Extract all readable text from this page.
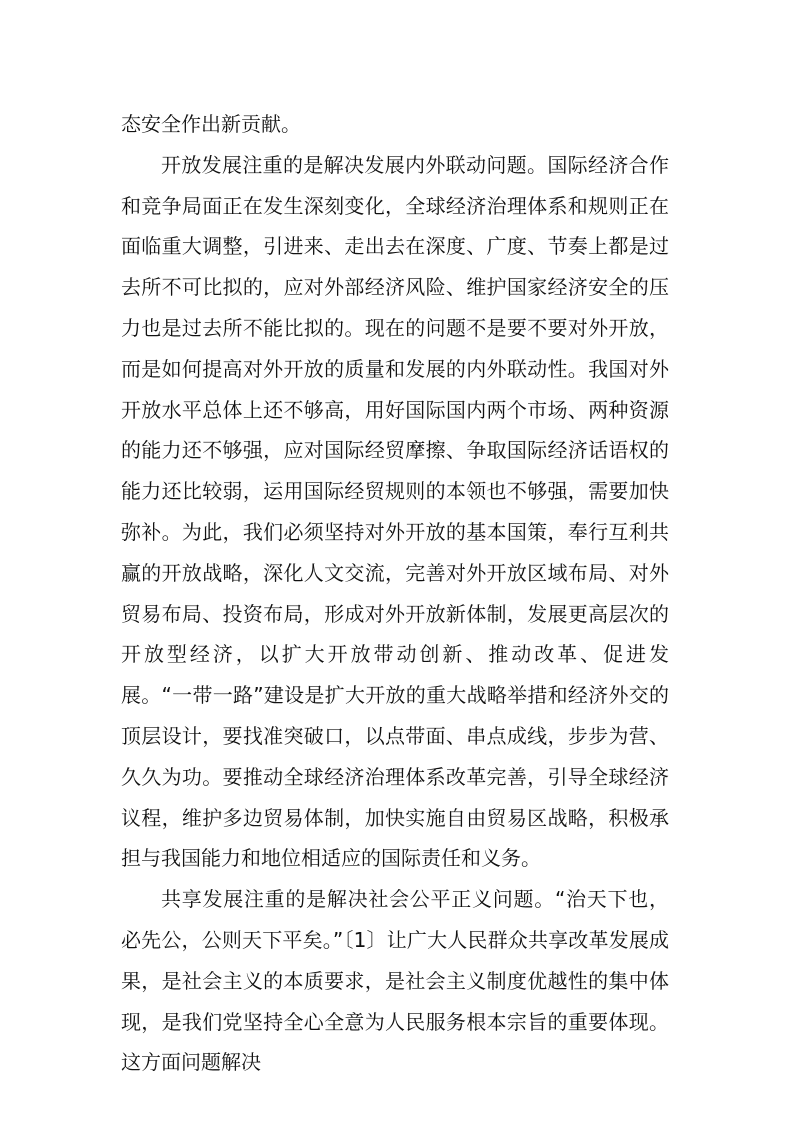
态安全作出新贡献。

开放发展注重的是解决发展内外联动问题。国际经济合作和竞争局面正在发生深刻变化，全球经济治理体系和规则正在面临重大调整，引进来、走出去在深度、广度、节奏上都是过去所不可比拟的，应对外部经济风险、维护国家经济安全的压力也是过去所不能比拟的。现在的问题不是要不要对外开放，而是如何提高对外开放的质量和发展的内外联动性。我国对外开放水平总体上还不够高，用好国际国内两个市场、两种资源的能力还不够强，应对国际经贸摩擦、争取国际经济话语权的能力还比较弱，运用国际经贸规则的本领也不够强，需要加快弥补。为此，我们必须坚持对外开放的基本国策，奉行互利共赢的开放战略，深化人文交流，完善对外开放区域布局、对外贸易布局、投资布局，形成对外开放新体制，发展更高层次的开放型经济，以扩大开放带动创新、推动改革、促进发展。“一带一路”建设是扩大开放的重大战略举措和经济外交的顶层设计，要找准突破口，以点带面、串点成线，步步为营、久久为功。要推动全球经济治理体系改革完善，引导全球经济议程，维护多边贸易体制，加快实施自由贸易区战略，积极承担与我国能力和地位相适应的国际责任和义务。

共享发展注重的是解决社会公平正义问题。“治天下也，必先公，公则天下平矣。”〔1〕让广大人民群众共享改革发展成果，是社会主义的本质要求，是社会主义制度优越性的集中体现，是我们党坚持全心全意为人民服务根本宗旨的重要体现。这方面问题解决
